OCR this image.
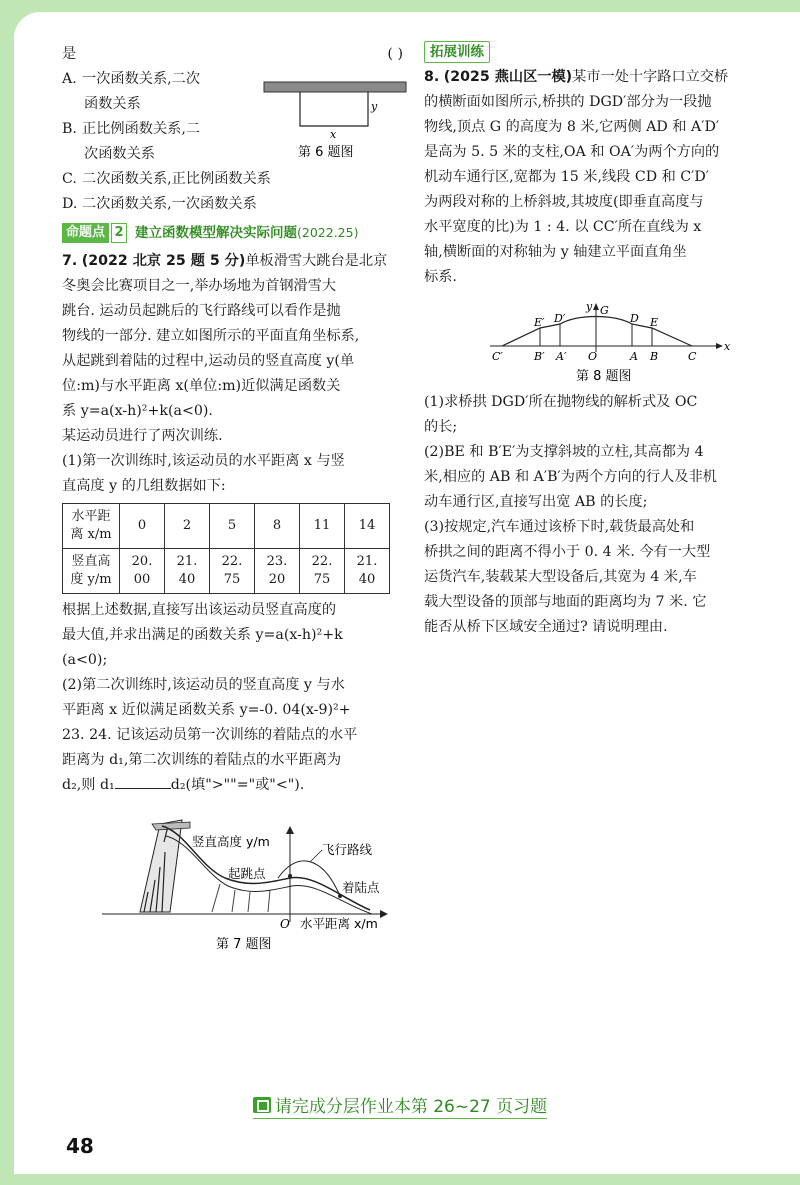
是	( )
A. 一次函数关系,二次
函数关系
B. 正比例函数关系,二
次函数关系
C. 二次函数关系,正比例函数关系
D. 二次函数关系,一次函数关系
命题点 2 建立函数模型解决实际问题(2022.25)
7. (2022 北京 25 题 5 分)单板滑雪大跳台是北京
冬奥会比赛项目之一,举办场地为首钢滑雪大
跳台. 运动员起跳后的飞行路线可以看作是抛
物线的一部分. 建立如图所示的平面直角坐标系,
从起跳到着陆的过程中,运动员的竖直高度 y(单
位:m)与水平距离 x(单位:m)近似满足函数关
系 y=a(x-h)²+k(a<0).
某运动员进行了两次训练.
(1)第一次训练时,该运动员的水平距离 x 与竖
直高度 y 的几组数据如下:
水平距
离 x/m	0	2	5	8	11	14
竖直高
度 y/m	20. 00	21. 40	22. 75	23. 20	22. 75	21. 40
根据上述数据,直接写出该运动员竖直高度的
最大值,并求出满足的函数关系 y=a(x-h)²+k
(a<0);
(2)第二次训练时,该运动员的竖直高度 y 与水
平距离 x 近似满足函数关系 y=-0. 04(x-9)²+
23. 24. 记该运动员第一次训练的着陆点的水平
距离为 d₁,第二次训练的着陆点的水平距离为
d₂,则 d₁	d₂(填">""="或"<").
y
x
第 6 题图
竖直高度 y/m
飞行路线
起跳点
着陆点
O 水平距离 x/m
第 7 题图
拓展训练
8. (2025 燕山区一模)某市一处十字路口立交桥
的横断面如图所示,桥拱的 DGD′部分为一段抛
物线,顶点 G 的高度为 8 米,它两侧 AD 和 A′D′
是高为 5. 5 米的支柱,OA 和 OA′为两个方向的
机动车通行区,宽都为 15 米,线段 CD 和 C′D′
为两段对称的上桥斜坡,其坡度(即垂直高度与
水平宽度的比)为 1 : 4. 以 CC′所在直线为 x
轴,横断面的对称轴为 y 轴建立平面直角坐
标系.
(1)求桥拱 DGD′所在抛物线的解析式及 OC
的长;
(2)BE 和 B′E′为支撑斜坡的立柱,其高都为 4
米,相应的 AB 和 A′B′为两个方向的行人及非机
动车通行区,直接写出宽 AB 的长度;
(3)按规定,汽车通过该桥下时,载货最高处和
桥拱之间的距离不得小于 0. 4 米. 今有一大型
运货汽车,装载某大型设备后,其宽为 4 米,车
载大型设备的顶部与地面的距离均为 7 米. 它
能否从桥下区域安全通过? 请说明理由.
C′	B′ A′ O	A B	C
E′ D′
G
D E
y
x
第 8 题图
请完成分层作业本第 26~27 页习题
48
